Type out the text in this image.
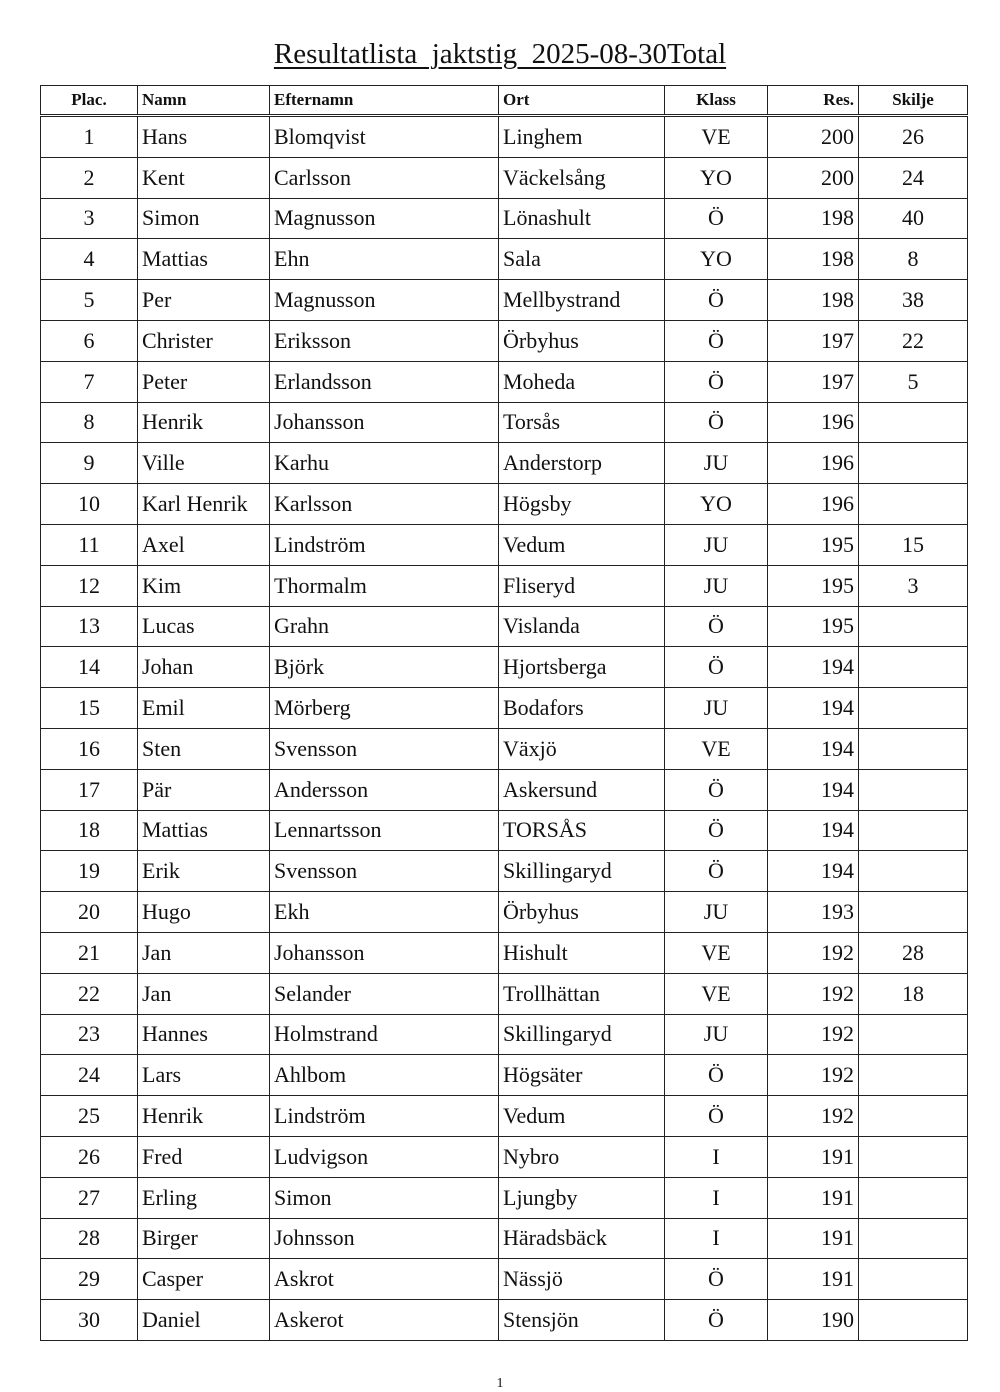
Resultatlista  jaktstig  2025-08-30Total
Plac.	Namn	Efternamn	Ort	Klass	Res.	Skilje
1	Hans	Blomqvist	Linghem	VE	200	26
2	Kent	Carlsson	Väckelsång	YO	200	24
3	Simon	Magnusson	Lönashult	Ö	198	40
4	Mattias	Ehn	Sala	YO	198	8
5	Per	Magnusson	Mellbystrand	Ö	198	38
6	Christer	Eriksson	Örbyhus	Ö	197	22
7	Peter	Erlandsson	Moheda	Ö	197	5
8	Henrik	Johansson	Torsås	Ö	196	
9	Ville	Karhu	Anderstorp	JU	196	
10	Karl Henrik	Karlsson	Högsby	YO	196	
11	Axel	Lindström	Vedum	JU	195	15
12	Kim	Thormalm	Fliseryd	JU	195	3
13	Lucas	Grahn	Vislanda	Ö	195	
14	Johan	Björk	Hjortsberga	Ö	194	
15	Emil	Mörberg	Bodafors	JU	194	
16	Sten	Svensson	Växjö	VE	194	
17	Pär	Andersson	Askersund	Ö	194	
18	Mattias	Lennartsson	TORSÅS	Ö	194	
19	Erik	Svensson	Skillingaryd	Ö	194	
20	Hugo	Ekh	Örbyhus	JU	193	
21	Jan	Johansson	Hishult	VE	192	28
22	Jan	Selander	Trollhättan	VE	192	18
23	Hannes	Holmstrand	Skillingaryd	JU	192	
24	Lars	Ahlbom	Högsäter	Ö	192	
25	Henrik	Lindström	Vedum	Ö	192	
26	Fred	Ludvigson	Nybro	I	191	
27	Erling	Simon	Ljungby	I	191	
28	Birger	Johnsson	Häradsbäck	I	191	
29	Casper	Askrot	Nässjö	Ö	191	
30	Daniel	Askerot	Stensjön	Ö	190	
1
